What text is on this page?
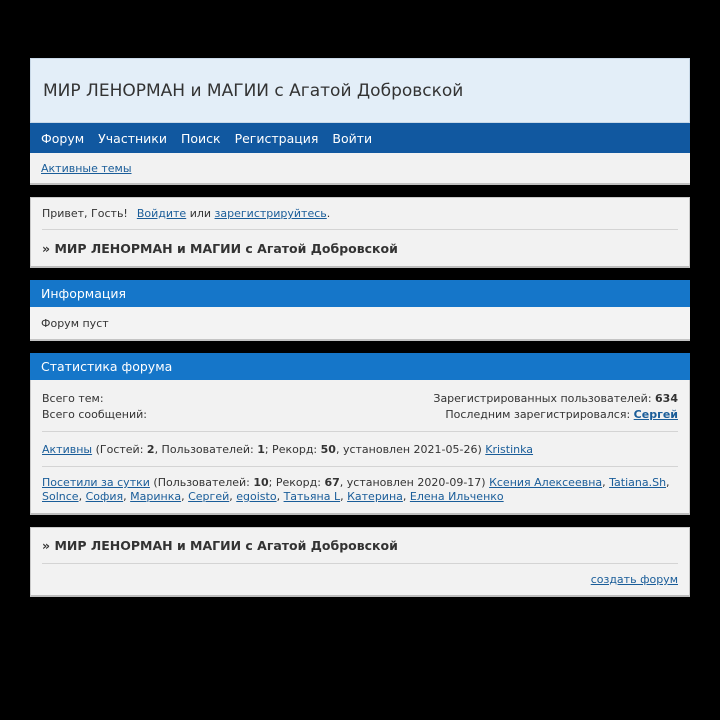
МИР ЛЕНОРМАН и МАГИИ с Агатой Добровской
Форум Участники Поиск Регистрация Войти
Активные темы
Привет, Гость! Войдите
или
зарегистрируйтесь .
»
МИР ЛЕНОРМАН и МАГИИ с Агатой Добровской
Информация
Форум пуст
Статистика форума
Всего тем:
Всего сообщений:
Зарегистрированных пользователей: 634
Последним зарегистрировался: Сергей
Активны (Гостей: 2, Пользователей: 1; Рекорд: 50, установлен 2021-05-26) Kristinka
Посетили за сутки (Пользователей: 10; Рекорд: 67, установлен 2020-09-17) Ксения Алексеевна, Tatiana.Sh, Solnce, София, Маринка, Сергей, egoisto, Татьяна L, Катерина, Елена Ильченко
»
МИР ЛЕНОРМАН и МАГИИ с Агатой Добровской
создать форум
